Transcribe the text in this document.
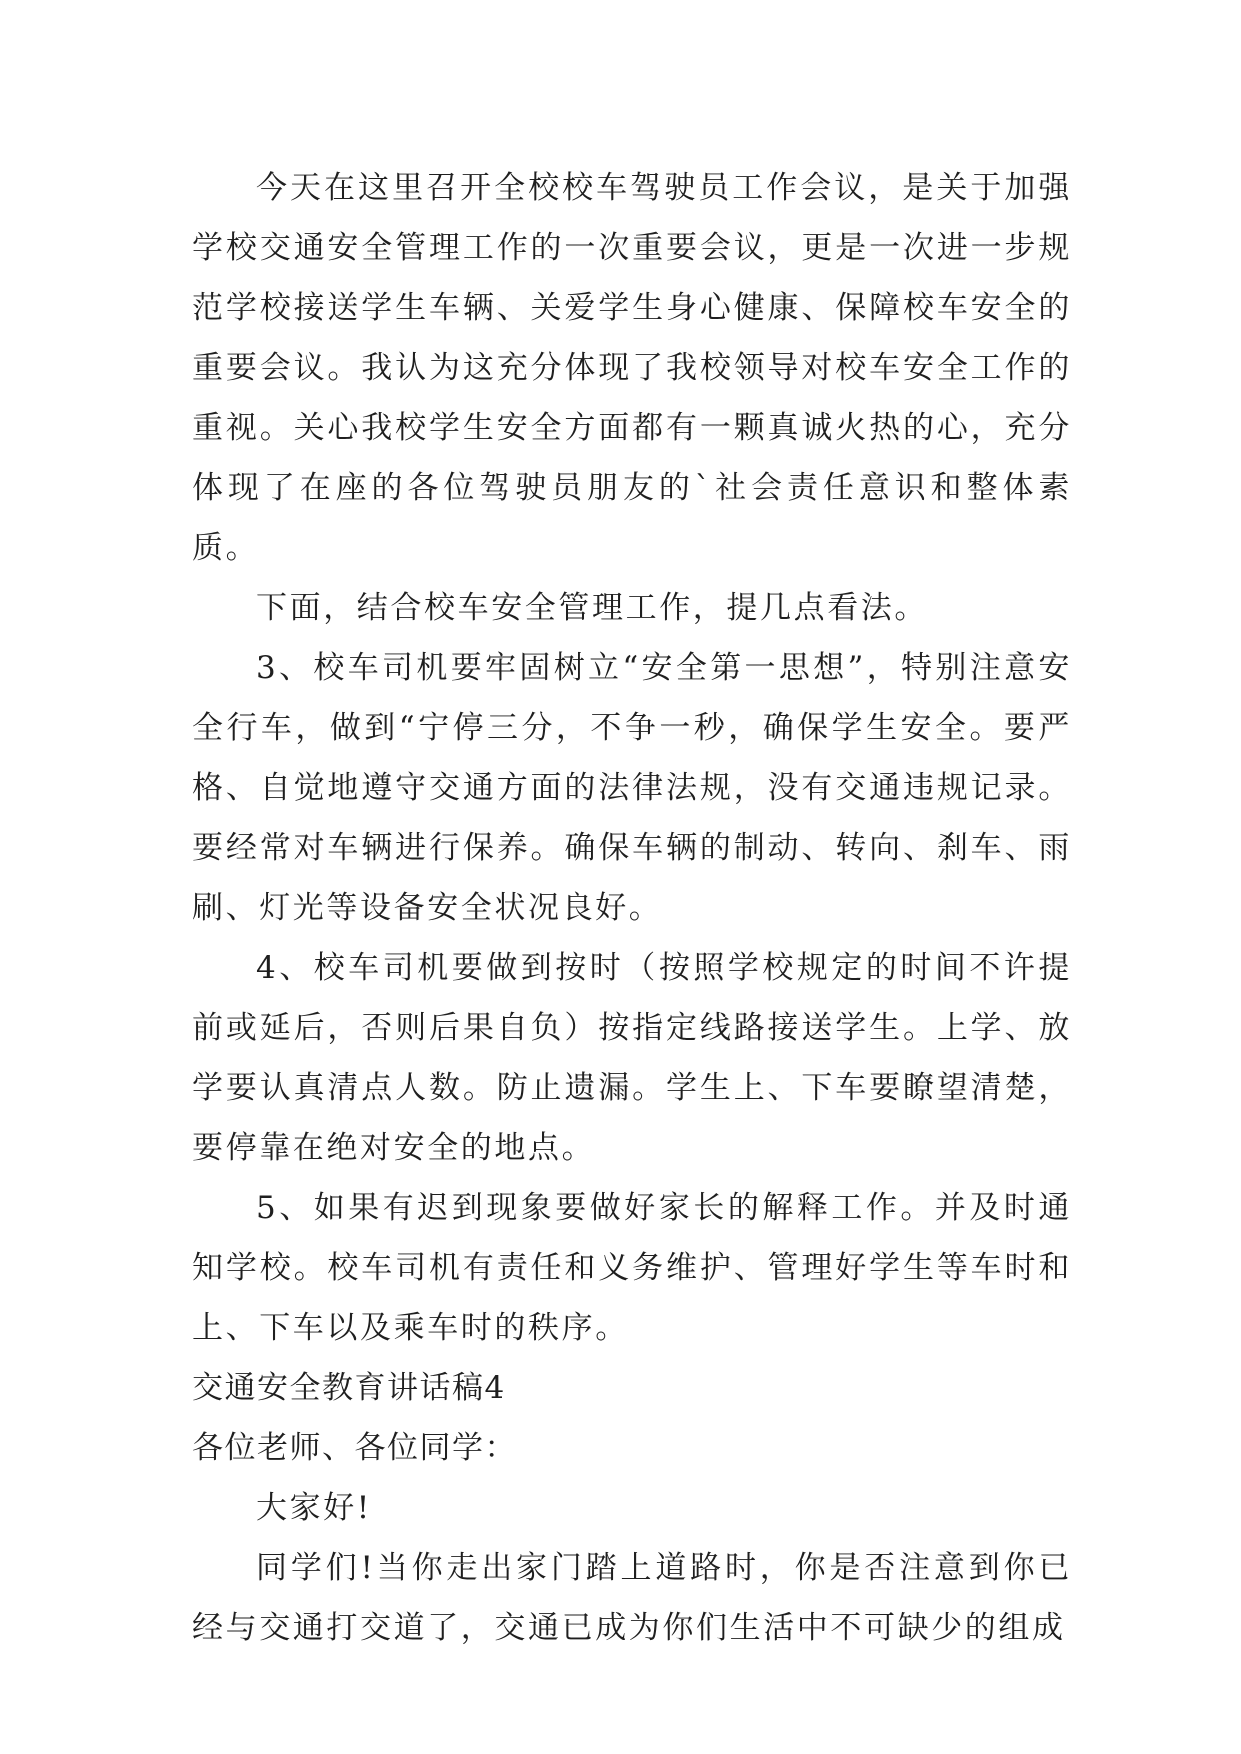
今天在这里召开全校校车驾驶员工作会议，是关于加强学校交通安全管理工作的一次重要会议，更是一次进一步规范学校接送学生车辆、关爱学生身心健康、保障校车安全的重要会议。我认为这充分体现了我校领导对校车安全工作的重视。关心我校学生安全方面都有一颗真诚火热的心，充分体现了在座的各位驾驶员朋友的`社会责任意识和整体素质。

下面，结合校车安全管理工作，提几点看法。

3、校车司机要牢固树立“安全第一思想”，特别注意安全行车，做到“宁停三分，不争一秒，确保学生安全。要严格、自觉地遵守交通方面的法律法规，没有交通违规记录。要经常对车辆进行保养。确保车辆的制动、转向、刹车、雨刷、灯光等设备安全状况良好。

4、校车司机要做到按时（按照学校规定的时间不许提前或延后，否则后果自负）按指定线路接送学生。上学、放学要认真清点人数。防止遗漏。学生上、下车要瞭望清楚，要停靠在绝对安全的地点。

5、如果有迟到现象要做好家长的解释工作。并及时通知学校。校车司机有责任和义务维护、管理好学生等车时和上、下车以及乘车时的秩序。

交通安全教育讲话稿4

各位老师、各位同学：

大家好!

同学们!当你走出家门踏上道路时，你是否注意到你已经与交通打交道了，交通已成为你们生活中不可缺少的组成
